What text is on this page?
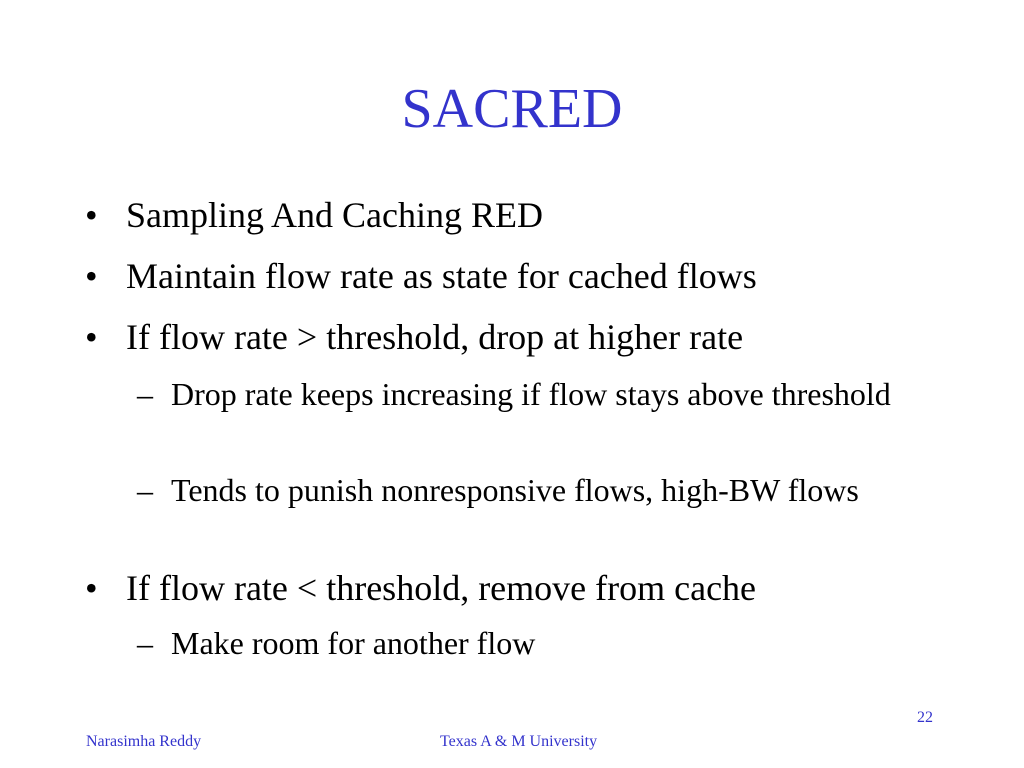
SACRED
• Sampling And Caching RED
• Maintain flow rate as state for cached flows
• If flow rate > threshold, drop at higher rate
– Drop rate keeps increasing if flow stays above threshold
– Tends to punish nonresponsive flows, high-BW flows
• If flow rate < threshold, remove from cache
– Make room for another flow
22
Narasimha Reddy	Texas A & M University
